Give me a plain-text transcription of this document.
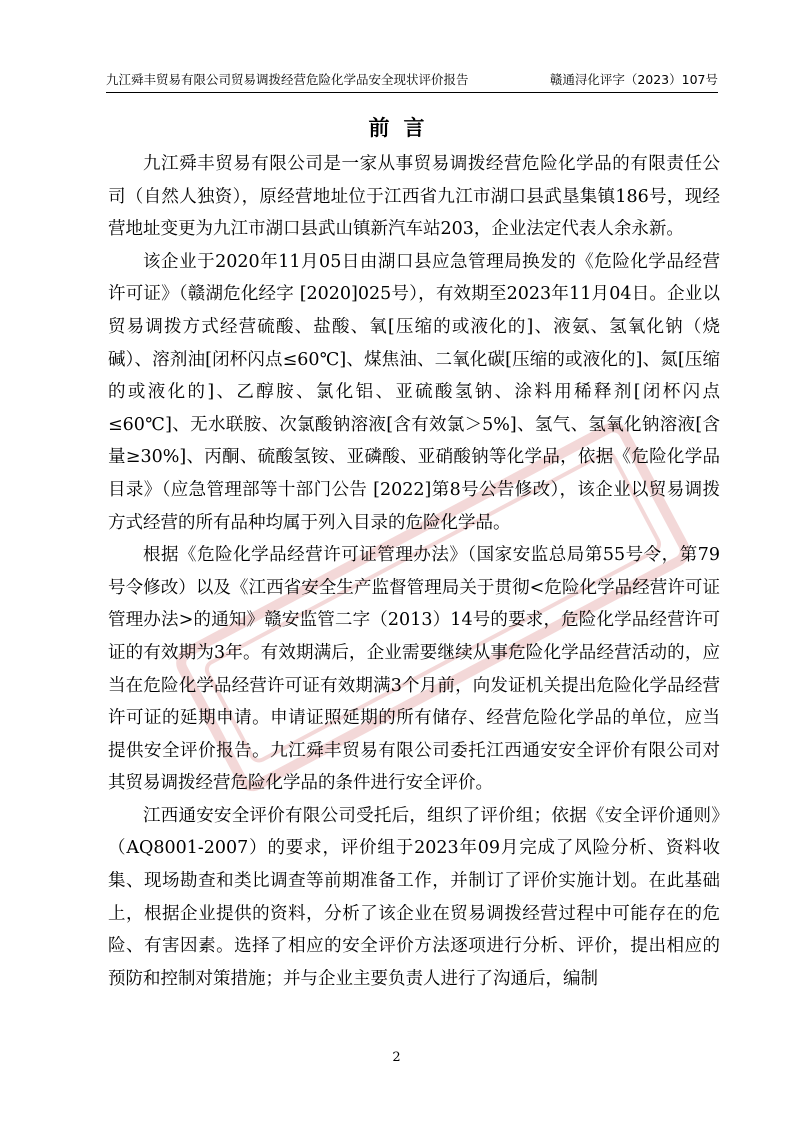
九江舜丰贸易有限公司贸易调拨经营危险化学品安全现状评价报告	赣通浔化评字（2023）107号
前言

九江舜丰贸易有限公司是一家从事贸易调拨经营危险化学品的有限责任公司（自然人独资），原经营地址位于江西省九江市湖口县武垦集镇186号，现经营地址变更为九江市湖口县武山镇新汽车站203，企业法定代表人余永新。

该企业于2020年11月05日由湖口县应急管理局换发的《危险化学品经营许可证》（赣湖危化经字 [2020]025号），有效期至2023年11月04日。企业以贸易调拨方式经营硫酸、盐酸、氧[压缩的或液化的]、液氨、氢氧化钠（烧碱）、溶剂油[闭杯闪点≤60℃]、煤焦油、二氧化碳[压缩的或液化的]、氮[压缩的或液化的]、乙醇胺、氯化铝、亚硫酸氢钠、涂料用稀释剂[闭杯闪点≤60℃]、无水联胺、次氯酸钠溶液[含有效氯＞5%]、氢气、氢氧化钠溶液[含量≥30%]、丙酮、硫酸氢铵、亚磷酸、亚硝酸钠等化学品，依据《危险化学品目录》（应急管理部等十部门公告 [2022]第8号公告修改），该企业以贸易调拨方式经营的所有品种均属于列入目录的危险化学品。

根据《危险化学品经营许可证管理办法》（国家安监总局第55号令，第79号令修改）以及《江西省安全生产监督管理局关于贯彻<危险化学品经营许可证管理办法>的通知》赣安监管二字（2013）14号的要求，危险化学品经营许可证的有效期为3年。有效期满后，企业需要继续从事危险化学品经营活动的，应当在危险化学品经营许可证有效期满3个月前，向发证机关提出危险化学品经营许可证的延期申请。申请证照延期的所有储存、经营危险化学品的单位，应当提供安全评价报告。九江舜丰贸易有限公司委托江西通安安全评价有限公司对其贸易调拨经营危险化学品的条件进行安全评价。

江西通安安全评价有限公司受托后，组织了评价组；依据《安全评价通则》（AQ8001-2007）的要求，评价组于2023年09月完成了风险分析、资料收集、现场勘查和类比调查等前期准备工作，并制订了评价实施计划。在此基础上，根据企业提供的资料，分析了该企业在贸易调拨经营过程中可能存在的危险、有害因素。选择了相应的安全评价方法逐项进行分析、评价，提出相应的预防和控制对策措施；并与企业主要负责人进行了沟通后，编制

2
